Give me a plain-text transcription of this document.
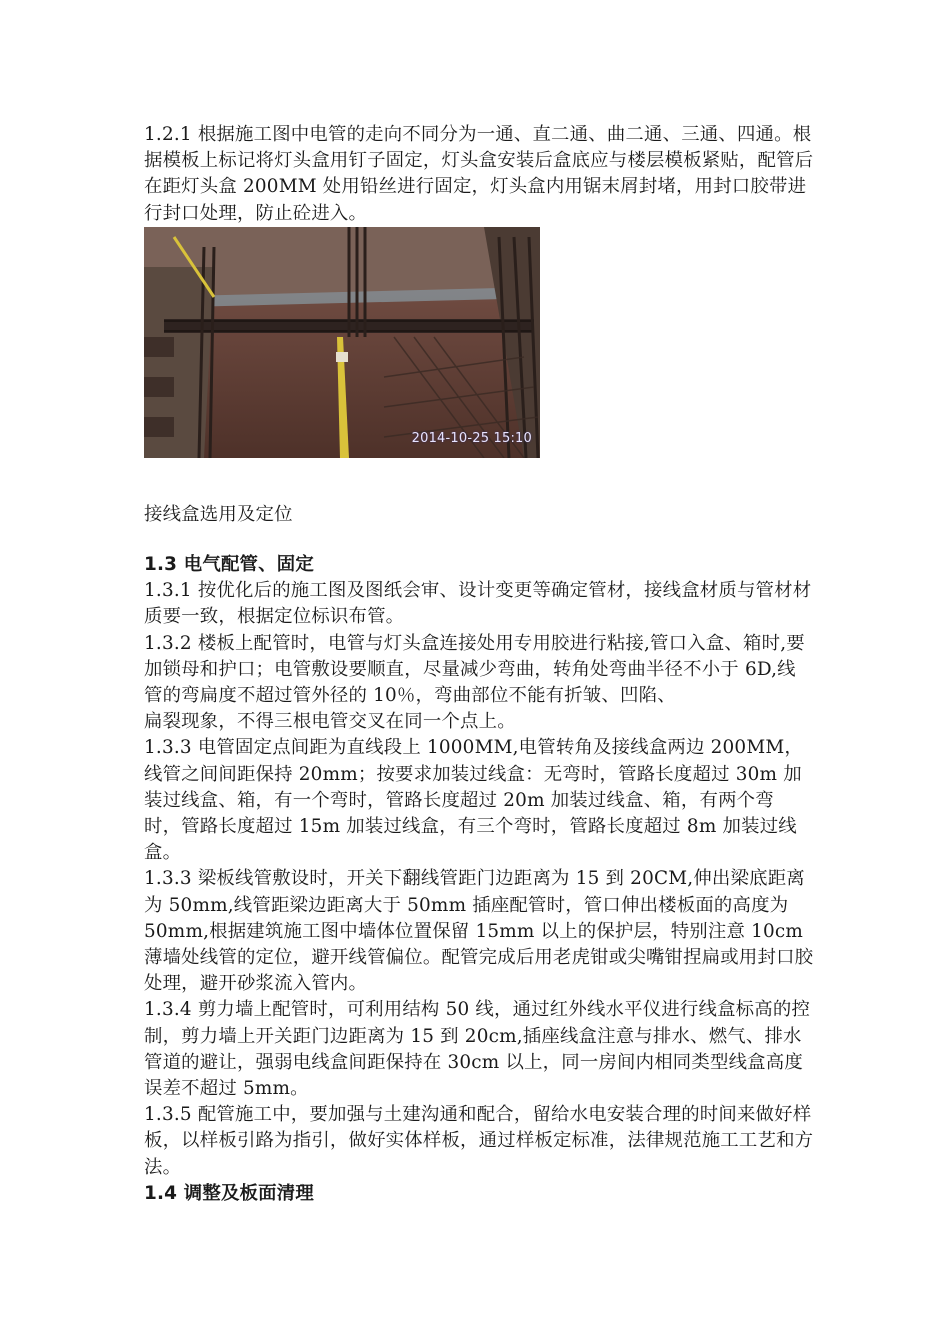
1.2.1 根据施工图中电管的走向不同分为一通、直二通、曲二通、三通、四通。根据模板上标记将灯头盒用钉子固定，灯头盒安装后盒底应与楼层模板紧贴，配管后在距灯头盒 200MM 处用铅丝进行固定，灯头盒内用锯末屑封堵，用封口胶带进行封口处理，防止砼进入。

2014-10-25 15:10

接线盒选用及定位

1.3 电气配管、固定

1.3.1 按优化后的施工图及图纸会审、设计变更等确定管材，接线盒材质与管材材质要一致，根据定位标识布管。

1.3.2 楼板上配管时，电管与灯头盒连接处用专用胶进行粘接,管口入盒、箱时,要加锁母和护口；电管敷设要顺直，尽量减少弯曲，转角处弯曲半径不小于 6D,线管的弯扁度不超过管外径的 10％，弯曲部位不能有折皱、凹陷、

扁裂现象，不得三根电管交叉在同一个点上。

1.3.3 电管固定点间距为直线段上 1000MM,电管转角及接线盒两边 200MM，线管之间间距保持 20mm；按要求加装过线盒：无弯时，管路长度超过 30m 加装过线盒、箱，有一个弯时，管路长度超过 20m 加装过线盒、箱，有两个弯

时，管路长度超过 15m 加装过线盒，有三个弯时，管路长度超过 8m 加装过线盒。

1.3.3 梁板线管敷设时，开关下翻线管距门边距离为 15 到 20CM,伸出梁底距离为 50mm,线管距梁边距离大于 50mm 插座配管时，管口伸出楼板面的高度为 50mm,根据建筑施工图中墙体位置保留 15mm 以上的保护层，特别注意 10cm 薄墙处线管的定位，避开线管偏位。配管完成后用老虎钳或尖嘴钳捏扁或用封口胶处理，避开砂浆流入管内。

1.3.4 剪力墙上配管时，可利用结构 50 线，通过红外线水平仪进行线盒标高的控制，剪力墙上开关距门边距离为 15 到 20cm,插座线盒注意与排水、燃气、排水管道的避让，强弱电线盒间距保持在 30cm 以上，同一房间内相同类型线盒高度误差不超过 5mm。

1.3.5 配管施工中，要加强与土建沟通和配合，留给水电安装合理的时间来做好样板，以样板引路为指引，做好实体样板，通过样板定标准，法律规范施工工艺和方法。

1.4 调整及板面清理
